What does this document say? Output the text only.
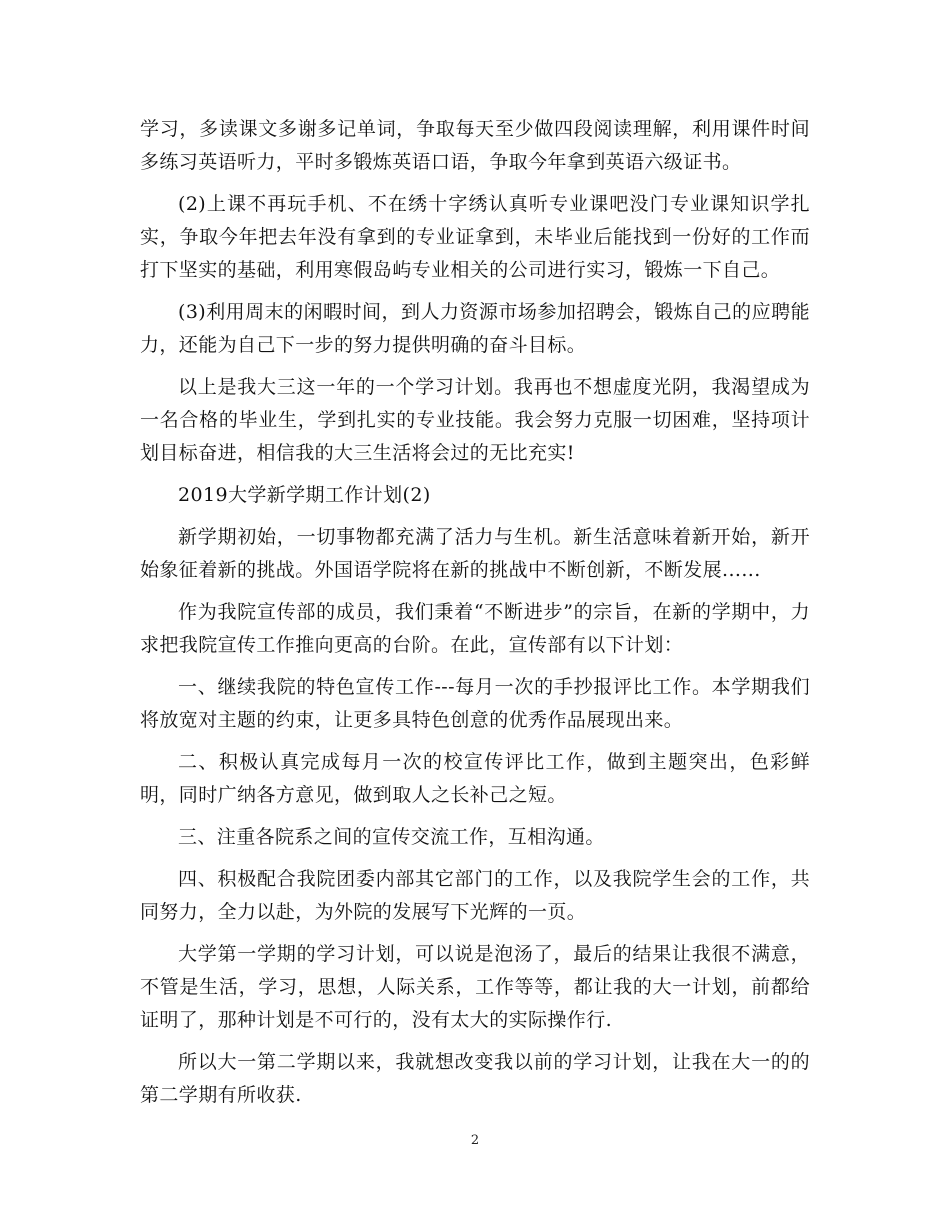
学习，多读课文多谢多记单词，争取每天至少做四段阅读理解，利用课件时间多练习英语听力，平时多锻炼英语口语，争取今年拿到英语六级证书。

(2)上课不再玩手机、不在绣十字绣认真听专业课吧没门专业课知识学扎实，争取今年把去年没有拿到的专业证拿到，未毕业后能找到一份好的工作而打下坚实的基础，利用寒假岛屿专业相关的公司进行实习，锻炼一下自己。

(3)利用周末的闲暇时间，到人力资源市场参加招聘会，锻炼自己的应聘能力，还能为自己下一步的努力提供明确的奋斗目标。

以上是我大三这一年的一个学习计划。我再也不想虚度光阴，我渴望成为一名合格的毕业生，学到扎实的专业技能。我会努力克服一切困难，坚持项计划目标奋进，相信我的大三生活将会过的无比充实!

2019大学新学期工作计划(2)

新学期初始，一切事物都充满了活力与生机。新生活意味着新开始，新开始象征着新的挑战。外国语学院将在新的挑战中不断创新，不断发展......

作为我院宣传部的成员，我们秉着“不断进步”的宗旨，在新的学期中，力求把我院宣传工作推向更高的台阶。在此，宣传部有以下计划：

一、继续我院的特色宣传工作---每月一次的手抄报评比工作。本学期我们将放宽对主题的约束，让更多具特色创意的优秀作品展现出来。

二、积极认真完成每月一次的校宣传评比工作，做到主题突出，色彩鲜明，同时广纳各方意见，做到取人之长补己之短。

三、注重各院系之间的宣传交流工作，互相沟通。

四、积极配合我院团委内部其它部门的工作，以及我院学生会的工作，共同努力，全力以赴，为外院的发展写下光辉的一页。

大学第一学期的学习计划，可以说是泡汤了，最后的结果让我很不满意，不管是生活，学习，思想，人际关系，工作等等，都让我的大一计划，前都给证明了，那种计划是不可行的，没有太大的实际操作行.

所以大一第二学期以来，我就想改变我以前的学习计划，让我在大一的的第二学期有所收获.

2
